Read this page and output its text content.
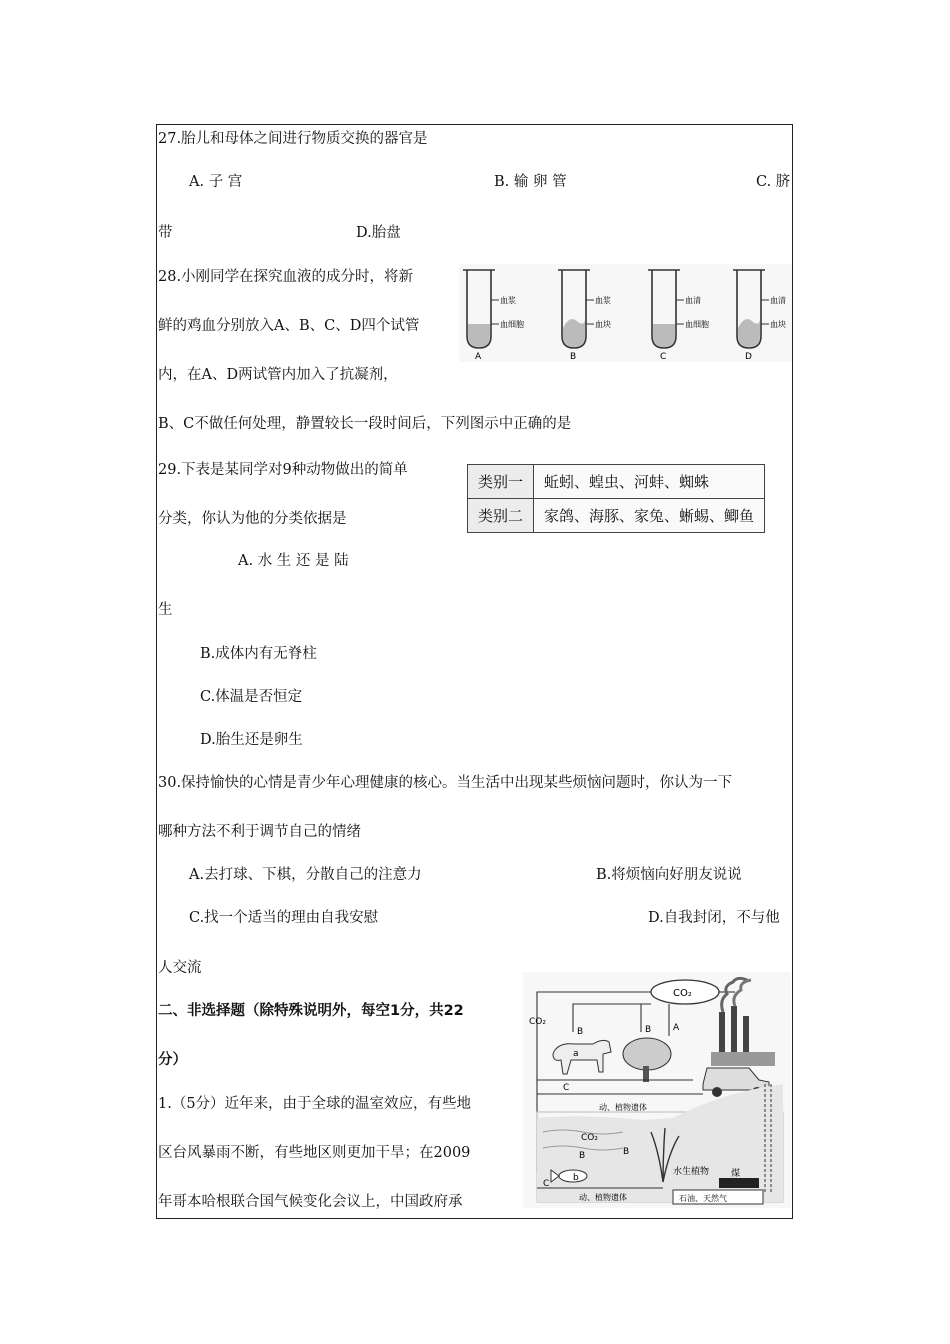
27.胎儿和母体之间进行物质交换的器官是
A. 子 宫	B. 输 卵 管	C. 脐
带	D.胎盘
28.小刚同学在探究血液的成分时，将新
鲜的鸡血分别放入A、B、C、D四个试管
内，在A、D两试管内加入了抗凝剂，
B、C不做任何处理，静置较长一段时间后，下列图示中正确的是
血浆
血细胞
A
血浆
血块
B
血清
血细胞
C
血清
血块
D
29.下表是某同学对9种动物做出的简单
分类，你认为他的分类依据是
A. 水 生 还 是 陆
生
B.成体内有无脊柱
C.体温是否恒定
D.胎生还是卵生
类别一	蚯蚓、蝗虫、河蚌、蜘蛛
类别二	家鸽、海豚、家兔、蜥蜴、鲫鱼
30.保持愉快的心情是青少年心理健康的核心。当生活中出现某些烦恼问题时，你认为一下
哪种方法不利于调节自己的情绪
A.去打球、下棋，分散自己的注意力	B.将烦恼向好朋友说说
C.找一个适当的理由自我安慰	D.自我封闭，不与他
人交流
二、非选择题（除特殊说明外，每空1分，共22
分）
1.（5分）近年来，由于全球的温室效应，有些地
区台风暴雨不断，有些地区则更加干旱；在2009
年哥本哈根联合国气候变化会议上，中国政府承
CO₂
CO₂
B	B A
a
C
动、植物遗体
CO₂
B	B
b
水生植物 煤
C
动、植物遗体	石油、天然气
